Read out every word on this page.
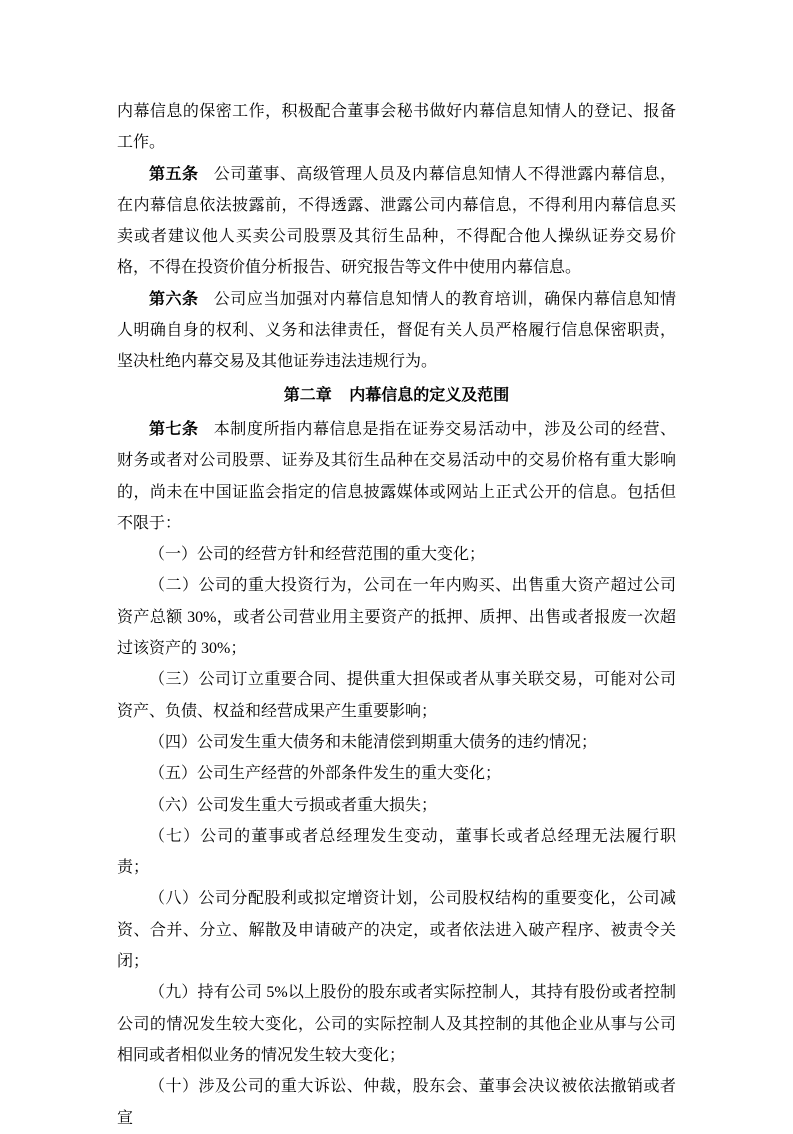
内幕信息的保密工作，积极配合董事会秘书做好内幕信息知情人的登记、报备工作。

第五条 公司董事、高级管理人员及内幕信息知情人不得泄露内幕信息，在内幕信息依法披露前，不得透露、泄露公司内幕信息，不得利用内幕信息买卖或者建议他人买卖公司股票及其衍生品种，不得配合他人操纵证券交易价格，不得在投资价值分析报告、研究报告等文件中使用内幕信息。

第六条 公司应当加强对内幕信息知情人的教育培训，确保内幕信息知情人明确自身的权利、义务和法律责任，督促有关人员严格履行信息保密职责，坚决杜绝内幕交易及其他证券违法违规行为。

第二章 内幕信息的定义及范围

第七条 本制度所指内幕信息是指在证券交易活动中，涉及公司的经营、财务或者对公司股票、证券及其衍生品种在交易活动中的交易价格有重大影响的，尚未在中国证监会指定的信息披露媒体或网站上正式公开的信息。包括但不限于：

（一）公司的经营方针和经营范围的重大变化；

（二）公司的重大投资行为，公司在一年内购买、出售重大资产超过公司资产总额 30%，或者公司营业用主要资产的抵押、质押、出售或者报废一次超过该资产的 30%；

（三）公司订立重要合同、提供重大担保或者从事关联交易，可能对公司资产、负债、权益和经营成果产生重要影响；

（四）公司发生重大债务和未能清偿到期重大债务的违约情况；

（五）公司生产经营的外部条件发生的重大变化；

（六）公司发生重大亏损或者重大损失；

（七）公司的董事或者总经理发生变动，董事长或者总经理无法履行职责；

（八）公司分配股利或拟定增资计划，公司股权结构的重要变化，公司减资、合并、分立、解散及申请破产的决定，或者依法进入破产程序、被责令关闭；

（九）持有公司 5%以上股份的股东或者实际控制人，其持有股份或者控制公司的情况发生较大变化，公司的实际控制人及其控制的其他企业从事与公司相同或者相似业务的情况发生较大变化；

（十）涉及公司的重大诉讼、仲裁，股东会、董事会决议被依法撤销或者宣
